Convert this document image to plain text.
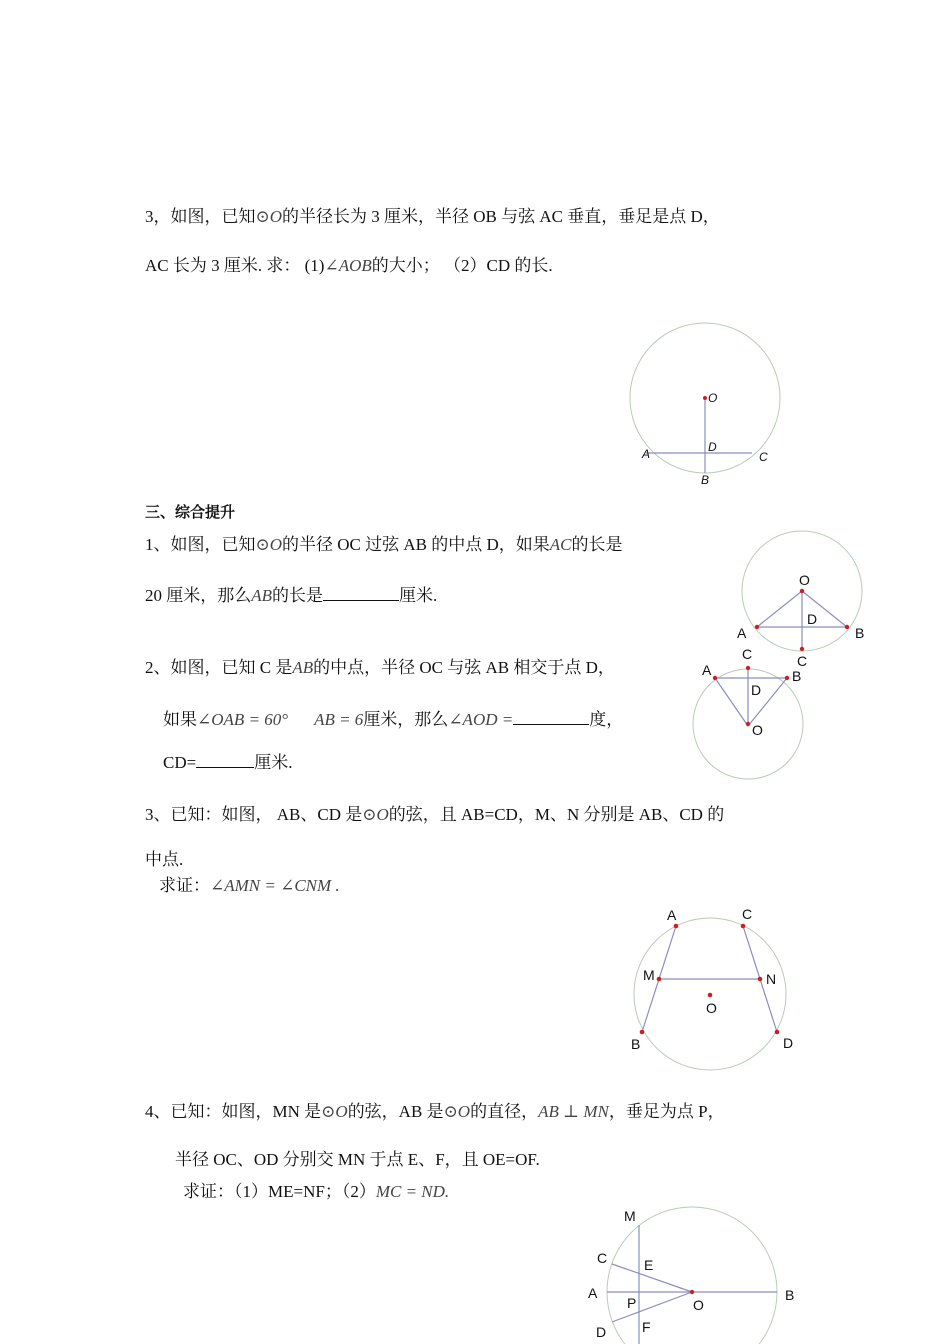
3，如图，已知⊙O的半径长为 3 厘米，半径 OB 与弦 AC 垂直，垂足是点 D，
AC 长为 3 厘米. 求： (1)∠AOB的大小； （2）CD 的长.
O
D
A	C
B
三、综合提升
1、如图，已知⊙O的半径 OC 过弦 AB 的中点 D，如果AC的长是
20 厘米，那么AB的长是	厘米.
O
D
A	B
C
2、如图，已知 C 是AB的中点，半径 OC 与弦 AB 相交于点 D，
如果∠OAB = 60° AB = 6厘米，那么∠AOD =	度，
CD=	厘米.
C
A	B
D
O
3、已知：如图， AB、CD 是⊙O的弦，且 AB=CD，M、N 分别是 AB、CD 的
中点.
求证：∠AMN = ∠CNM .
A	C
M	N
O
B	D
4、已知：如图，MN 是⊙O的弦，AB 是⊙O的直径，AB ⊥ MN，垂足为点 P，
半径 OC、OD 分别交 MN 于点 E、F，且 OE=OF.
求证：（1）ME=NF；（2）MC = ND.
M
C	E
A
P	O
B
D	F
